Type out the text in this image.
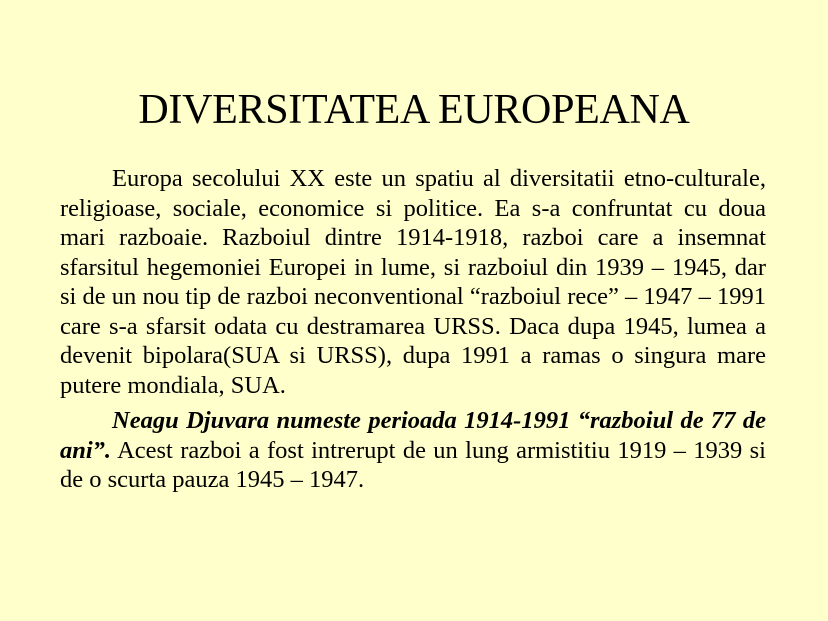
DIVERSITATEA EUROPEANA

Europa secolului XX este un spatiu al diversitatii etno-culturale, religioase, sociale, economice si politice. Ea s-a confruntat cu doua mari razboaie. Razboiul dintre 1914-1918, razboi care a insemnat sfarsitul hegemoniei Europei in lume, si razboiul din 1939 – 1945, dar si de un nou tip de razboi neconventional “razboiul rece” – 1947 – 1991 care s-a sfarsit odata cu destramarea URSS. Daca dupa 1945, lumea a devenit bipolara(SUA si URSS), dupa 1991 a ramas o singura mare putere mondiala, SUA.

Neagu Djuvara numeste perioada 1914-1991 “razboiul de 77 de ani”. Acest razboi a fost intrerupt de un lung armistitiu 1919 – 1939 si de o scurta pauza 1945 – 1947.
